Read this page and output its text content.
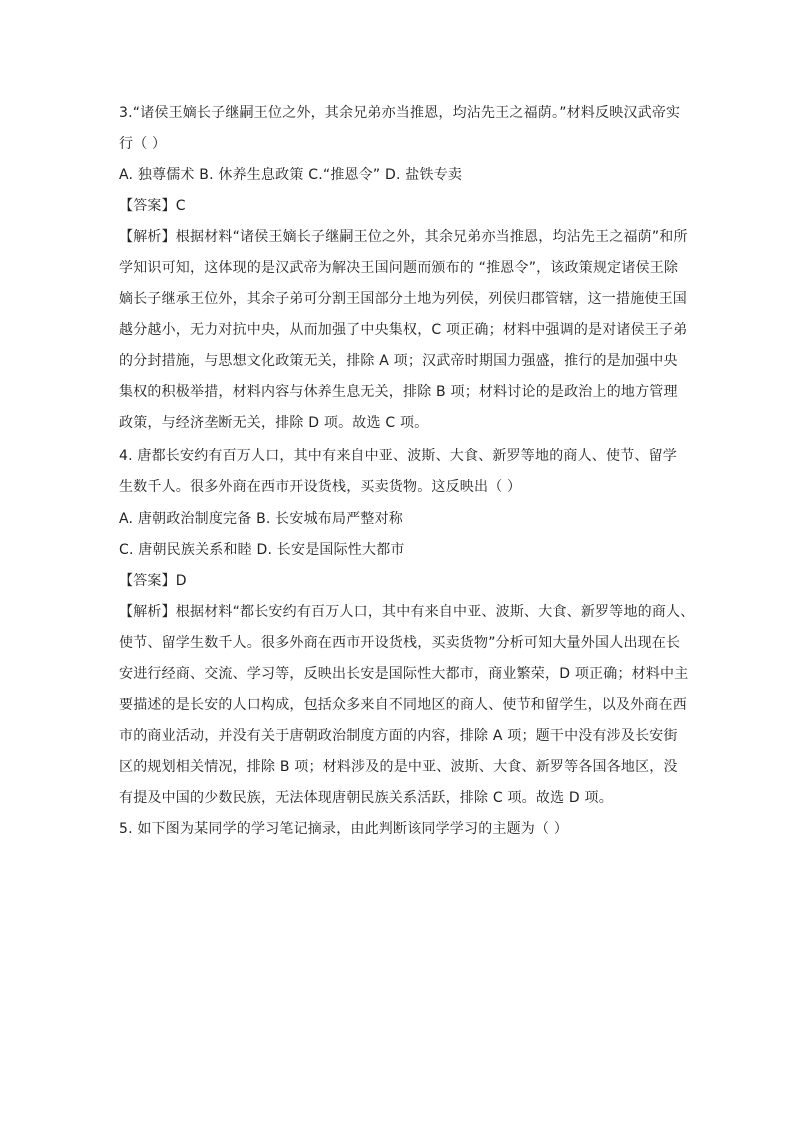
3.“诸侯王嫡长子继嗣王位之外，其余兄弟亦当推恩，均沾先王之福荫。”材料反映汉武帝实
行（ ）
A. 独尊儒术 B. 休养生息政策 C.“推恩令” D. 盐铁专卖
【答案】C
【解析】根据材料“诸侯王嫡长子继嗣王位之外，其余兄弟亦当推恩，均沾先王之福荫”和所
学知识可知，这体现的是汉武帝为解决王国问题而颁布的 “推恩令”，该政策规定诸侯王除
嫡长子继承王位外，其余子弟可分割王国部分土地为列侯，列侯归郡管辖，这一措施使王国
越分越小，无力对抗中央，从而加强了中央集权，C 项正确；材料中强调的是对诸侯王子弟
的分封措施，与思想文化政策无关，排除 A 项；汉武帝时期国力强盛，推行的是加强中央
集权的积极举措，材料内容与休养生息无关，排除 B 项；材料讨论的是政治上的地方管理
政策，与经济垄断无关，排除 D 项。故选 C 项。
4. 唐都长安约有百万人口，其中有来自中亚、波斯、大食、新罗等地的商人、使节、留学
生数千人。很多外商在西市开设货栈，买卖货物。这反映出（ ）
A. 唐朝政治制度完备 B. 长安城布局严整对称
C. 唐朝民族关系和睦 D. 长安是国际性大都市
【答案】D
【解析】根据材料“都长安约有百万人口，其中有来自中亚、波斯、大食、新罗等地的商人、
使节、留学生数千人。很多外商在西市开设货栈，买卖货物”分析可知大量外国人出现在长
安进行经商、交流、学习等，反映出长安是国际性大都市，商业繁荣，D 项正确；材料中主
要描述的是长安的人口构成，包括众多来自不同地区的商人、使节和留学生，以及外商在西
市的商业活动，并没有关于唐朝政治制度方面的内容，排除 A 项；题干中没有涉及长安街
区的规划相关情况，排除 B 项；材料涉及的是中亚、波斯、大食、新罗等各国各地区，没
有提及中国的少数民族，无法体现唐朝民族关系活跃，排除 C 项。故选 D 项。
5. 如下图为某同学的学习笔记摘录，由此判断该同学学习的主题为（ ）
